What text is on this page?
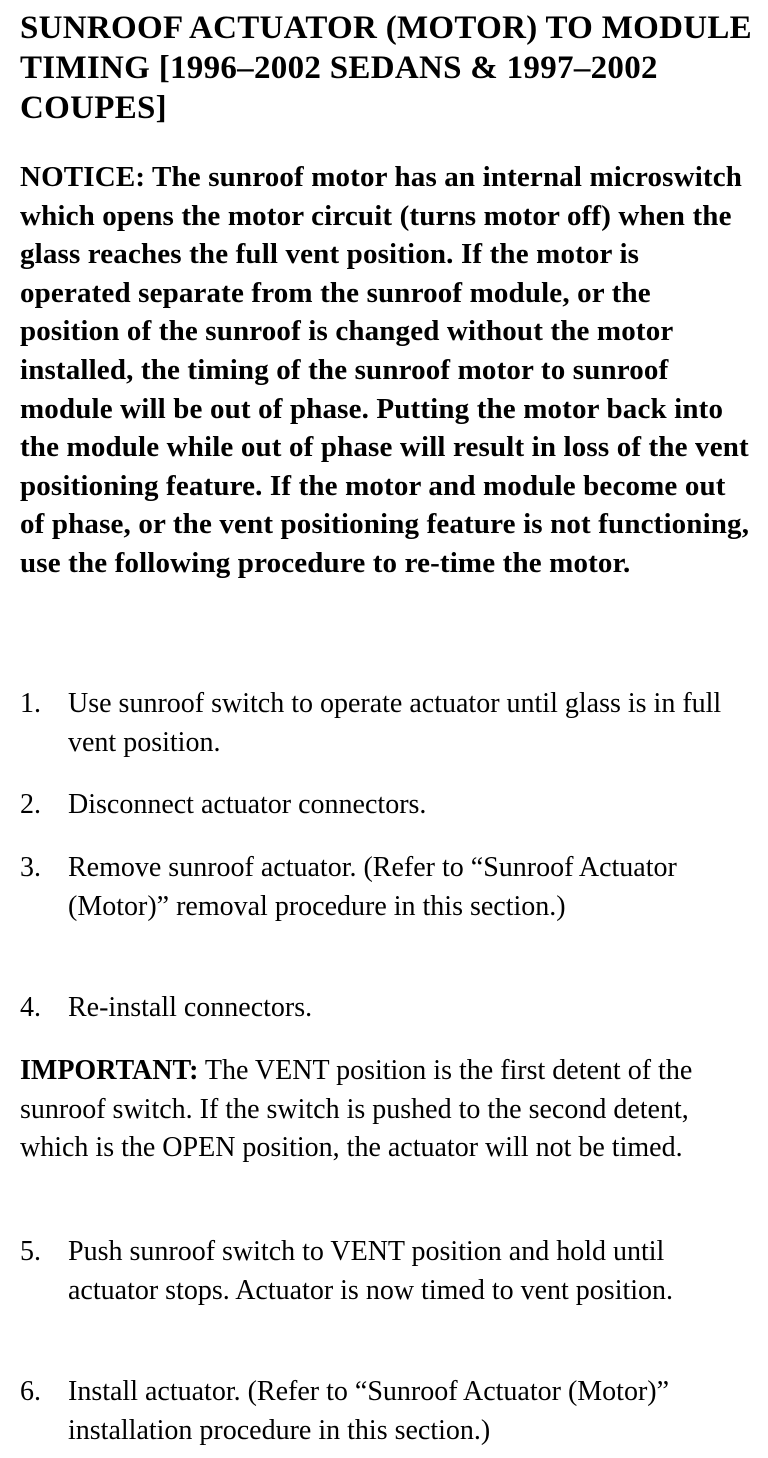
SUNROOF ACTUATOR (MOTOR) TO MODULE TIMING [1996–2002 SEDANS & 1997–2002 COUPES]

NOTICE: The sunroof motor has an internal microswitch which opens the motor circuit (turns motor off) when the glass reaches the full vent position. If the motor is operated separate from the sunroof module, or the position of the sunroof is changed without the motor installed, the timing of the sunroof motor to sunroof module will be out of phase. Putting the motor back into the module while out of phase will result in loss of the vent positioning feature. If the motor and module become out of phase, or the vent positioning feature is not functioning, use the following procedure to re-time the motor.

1. Use sunroof switch to operate actuator until glass is in full vent position.
2. Disconnect actuator connectors.
3. Remove sunroof actuator. (Refer to “Sunroof Actuator (Motor)” removal procedure in this section.)
4. Re-install connectors.

IMPORTANT: The VENT position is the first detent of the sunroof switch. If the switch is pushed to the second detent, which is the OPEN position, the actuator will not be timed.

5. Push sunroof switch to VENT position and hold until actuator stops. Actuator is now timed to vent position.
6. Install actuator. (Refer to “Sunroof Actuator (Motor)” installation procedure in this section.)
